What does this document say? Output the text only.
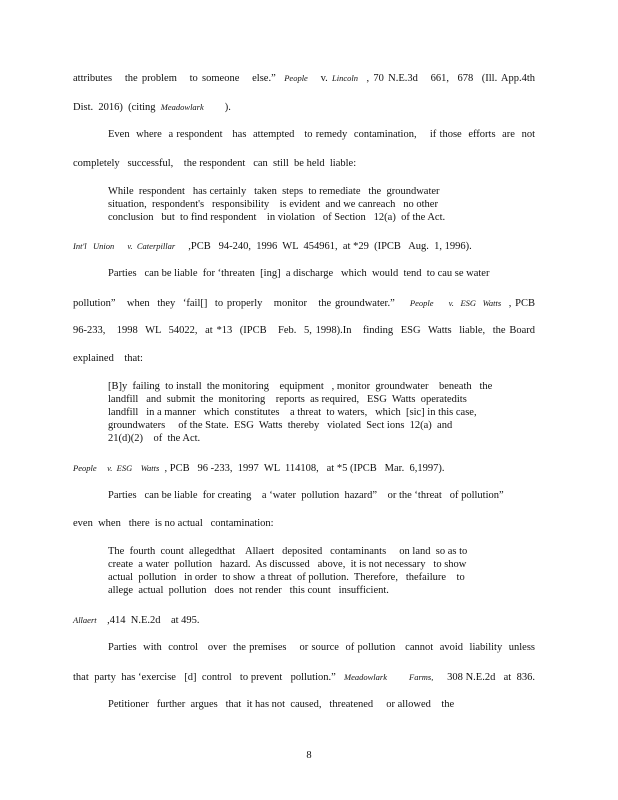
attributes   the problem   to someone   else.”  People   v. Lincoln  , 70 N.E.3d   661,  678  (Ill. App.4th
Dist.  2016)  (citing  Meadowlark        ).
Even  where  a respondent   has  attempted   to remedy  contamination,    if those  efforts  are  not
completely   successful,    the respondent   can  still  be held  liable:
While  respondent   has certainly   taken  steps  to remediate   the  groundwater
situation,  respondent's   responsibility    is evident  and we canreach   no other
conclusion   but  to find respondent    in violation   of Section   12(a)  of the Act.
Int'l   Union v.  Caterpillar     ,PCB   94-240,  1996  WL  454961,  at *29  (IPCB   Aug.  1, 1996).
Parties   can be liable  for ‘threaten  [ing]  a discharge   which  would  tend  to cau se water
pollution”   when  they  ‘fail[]  to properly   monitor   the groundwater.”    People v.  ESG  Watts  , PCB
96-233,   1998  WL  54022,  at *13  (IPCB   Feb.  5, 1998).In   finding  ESG  Watts  liable,  the Board
explained    that:
[B]y  failing  to install  the monitoring    equipment   , monitor  groundwater    beneath   the
landfill   and  submit  the  monitoring    reports  as required,   ESG  Watts  operatedits
landfill   in a manner   which  constitutes    a threat  to waters,   which  [sic] in this case,
groundwaters     of the State.  ESG  Watts  thereby   violated  Sect ions  12(a)  and
21(d)(2)    of  the Act.
People v.  ESG    Watts  , PCB   96 -233,  1997  WL  114108,   at *5 (IPCB   Mar.  6,1997).
Parties   can be liable  for creating    a ‘water  pollution  hazard”    or the ‘threat   of pollution”
even  when   there  is no actual   contamination:
The  fourth  count  allegedthat    Allaert   deposited   contaminants     on land  so as to
create  a water  pollution   hazard.  As discussed   above,  it is not necessary   to show
actual  pollution   in order  to show  a threat  of pollution.  Therefore,   thefailure    to
allege  actual  pollution   does  not render   this count   insufficient.
Allaert    ,414  N.E.2d    at 495.
Parties  with  control   over  the premises    or source  of pollution   cannot  avoid  liability  unless
that  party  has ‘exercise   [d]  control   to prevent   pollution.”   Meadowlark	Farms,     308 N.E.2d   at  836.
Petitioner   further  argues   that  it has not  caused,   threatened     or allowed    the
8
